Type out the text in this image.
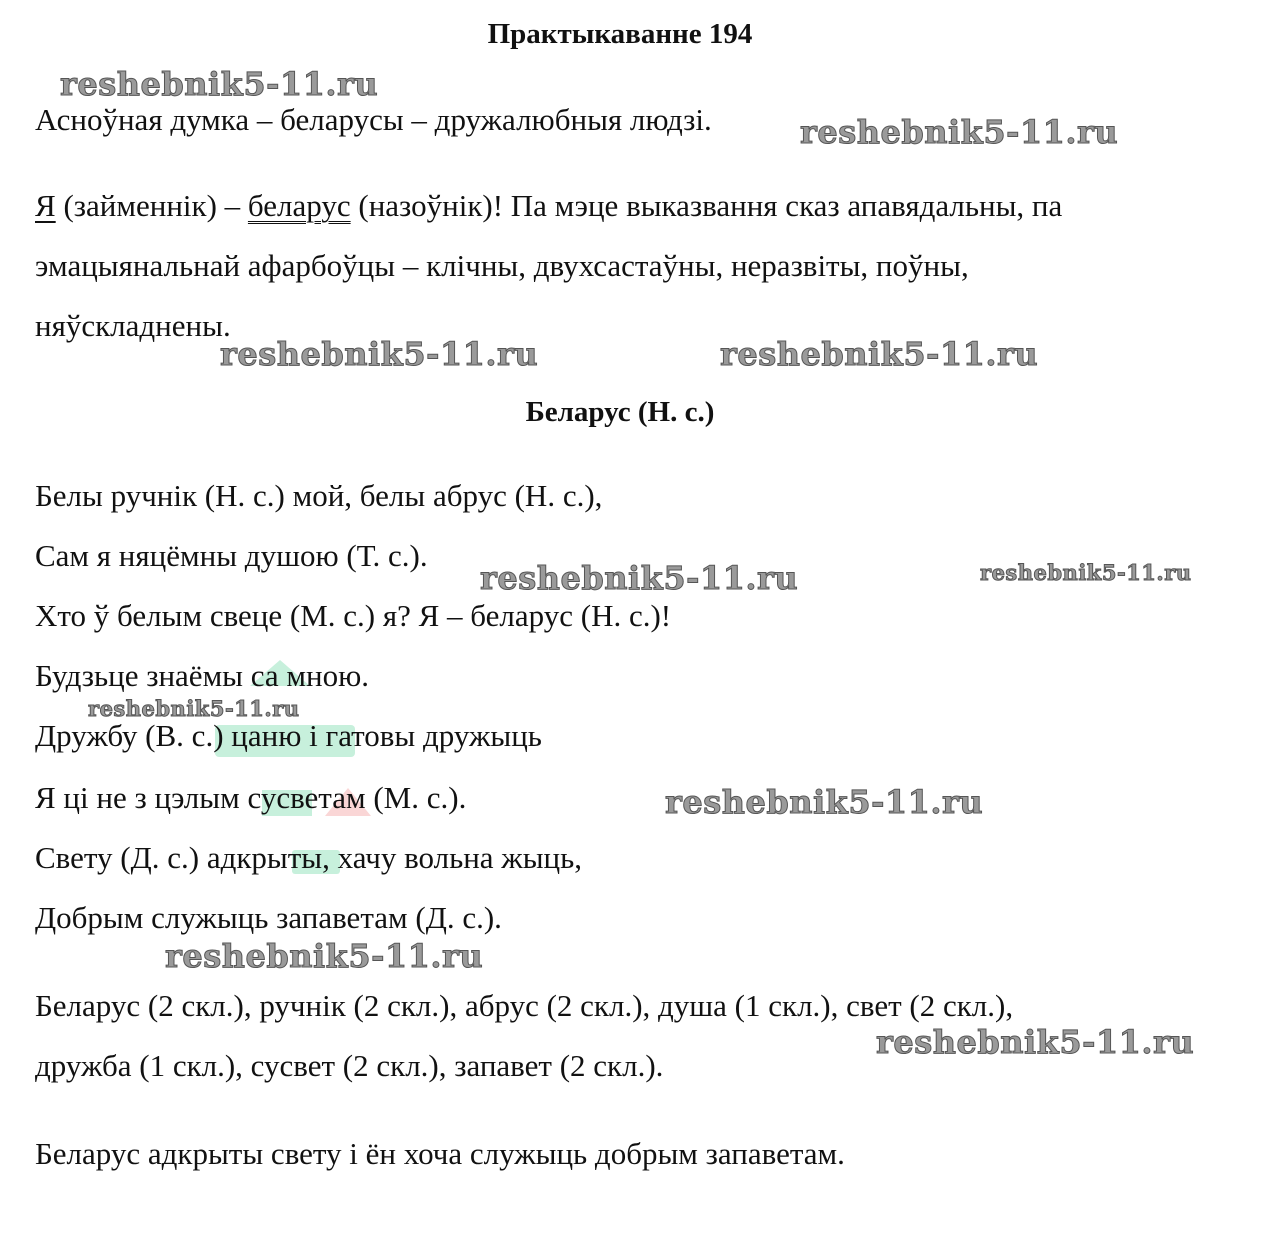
Практыкаванне 194
Асноўная думка – беларусы – дружалюбныя людзі.
Я (займеннік) – беларус (назоўнік)! Па мэце выказвання сказ апавядальны, па
эмацыянальнай афарбоўцы – клічны, двухсастаўны, неразвіты, поўны,
няўскладнены.
Беларус (Н. с.)
Белы ручнік (Н. с.) мой, белы абрус (Н. с.),
Сам я няцёмны душою (Т. с.).
Хто ў белым свеце (М. с.) я? Я – беларус (Н. с.)!
Будзьце знаёмы са мною.
Дружбу (В. с.) цаню і гатовы дружыць
Я ці не з цэлым сусветам (М. с.).
Свету (Д. с.) адкрыты, хачу вольна жыць,
Добрым служыць запаветам (Д. с.).
Беларус (2 скл.), ручнік (2 скл.), абрус (2 скл.), душа (1 скл.), свет (2 скл.),
дружба (1 скл.), сусвет (2 скл.), запавет (2 скл.).
Беларус адкрыты свету і ён хоча служыць добрым запаветам.
reshebnik5-11.ru
reshebnik5-11.ru
reshebnik5-11.ru	reshebnik5-11.ru
reshebnik5-11.ru	reshebnik5-11.ru
reshebnik5-11.ru
reshebnik5-11.ru
reshebnik5-11.ru
reshebnik5-11.ru
